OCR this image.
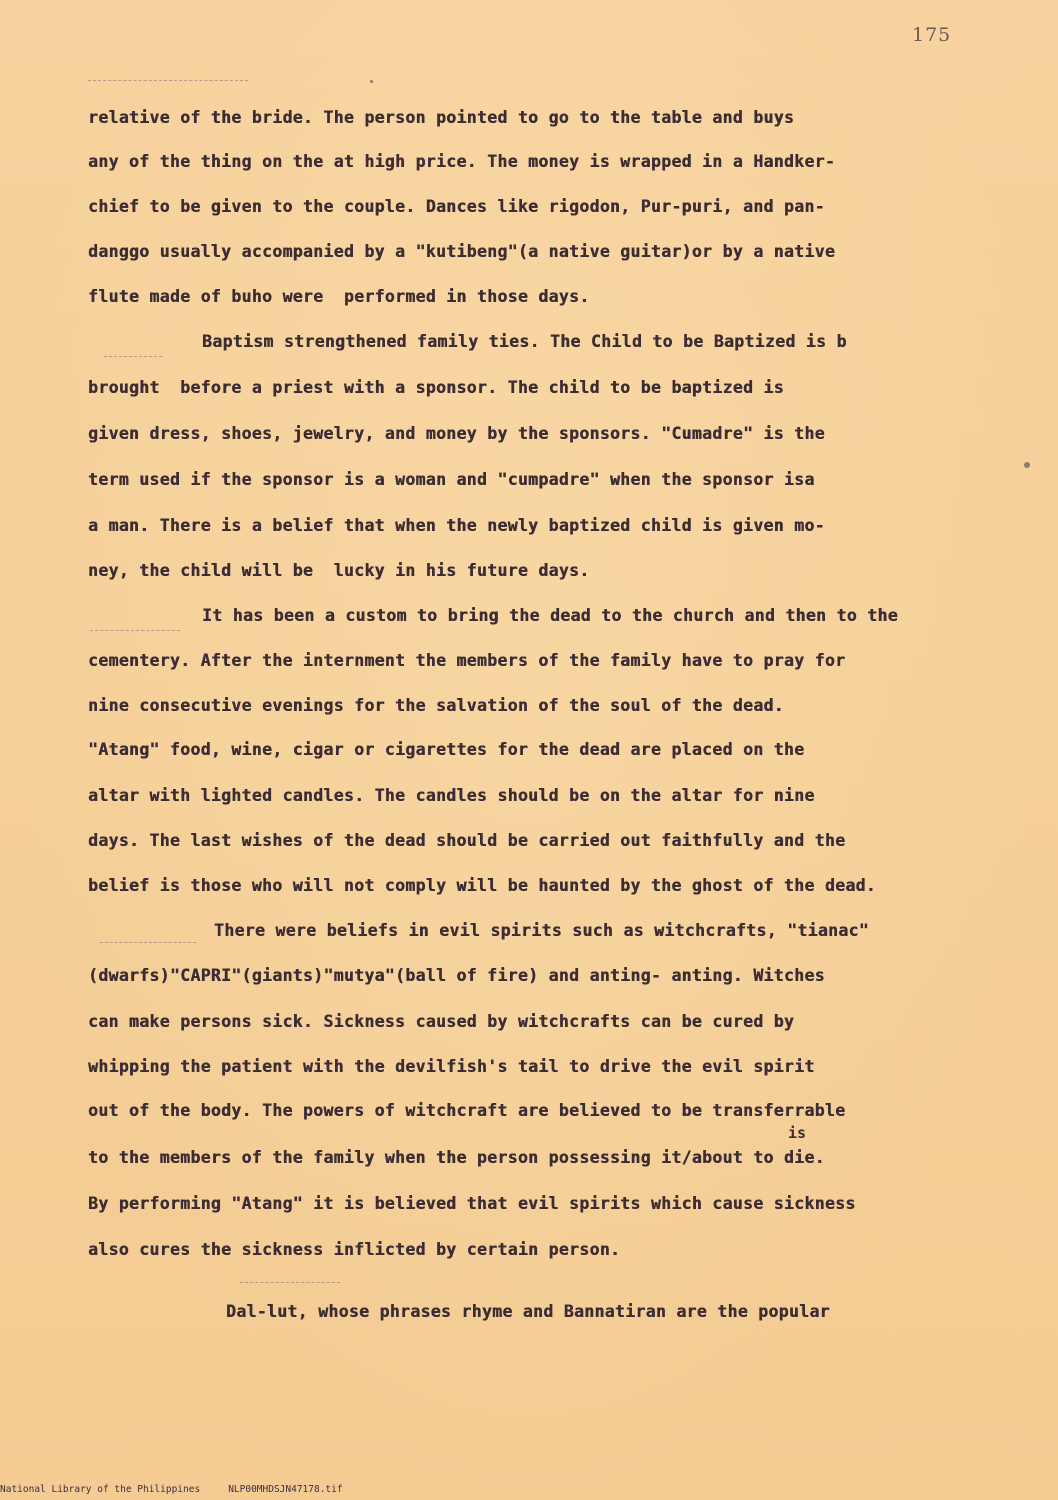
175
relative of the bride. The person pointed to go to the table and buys
any of the thing on the at high price. The money is wrapped in a Handker-
chief to be given to the couple. Dances like rigodon, Pur-puri, and pan-
danggo usually accompanied by a "kutibeng"(a native guitar)or by a native
flute made of buho were  performed in those days.
Baptism strengthened family ties. The Child to be Baptized is b
brought  before a priest with a sponsor. The child to be baptized is
given dress, shoes, jewelry, and money by the sponsors. "Cumadre" is the
term used if the sponsor is a woman and "cumpadre" when the sponsor isa
a man. There is a belief that when the newly baptized child is given mo-
ney, the child will be  lucky in his future days.
It has been a custom to bring the dead to the church and then to the
cementery. After the internment the members of the family have to pray for
nine consecutive evenings for the salvation of the soul of the dead.
"Atang" food, wine, cigar or cigarettes for the dead are placed on the
altar with lighted candles. The candles should be on the altar for nine
days. The last wishes of the dead should be carried out faithfully and the
belief is those who will not comply will be haunted by the ghost of the dead.
There were beliefs in evil spirits such as witchcrafts, "tianac"
(dwarfs)"CAPRI"(giants)"mutya"(ball of fire) and anting- anting. Witches
can make persons sick. Sickness caused by witchcrafts can be cured by
whipping the patient with the devilfish's tail to drive the evil spirit
out of the body. The powers of witchcraft are believed to be transferrable
is
to the members of the family when the person possessing it/about to die.
By performing "Atang" it is believed that evil spirits which cause sickness
also cures the sickness inflicted by certain person.
Dal-lut, whose phrases rhyme and Bannatiran are the popular
National Library of the Philippines	NLP00MHDSJN47178.tif
